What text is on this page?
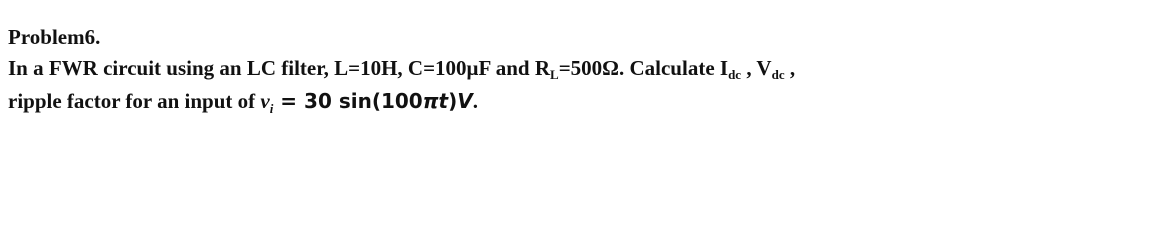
Problem6.
In a FWR circuit using an LC filter, L=10H, C=100μF and RL=500Ω. Calculate Idc , Vdc ,
ripple factor for an input of $v_i = 30$ sin(100πt)V.
